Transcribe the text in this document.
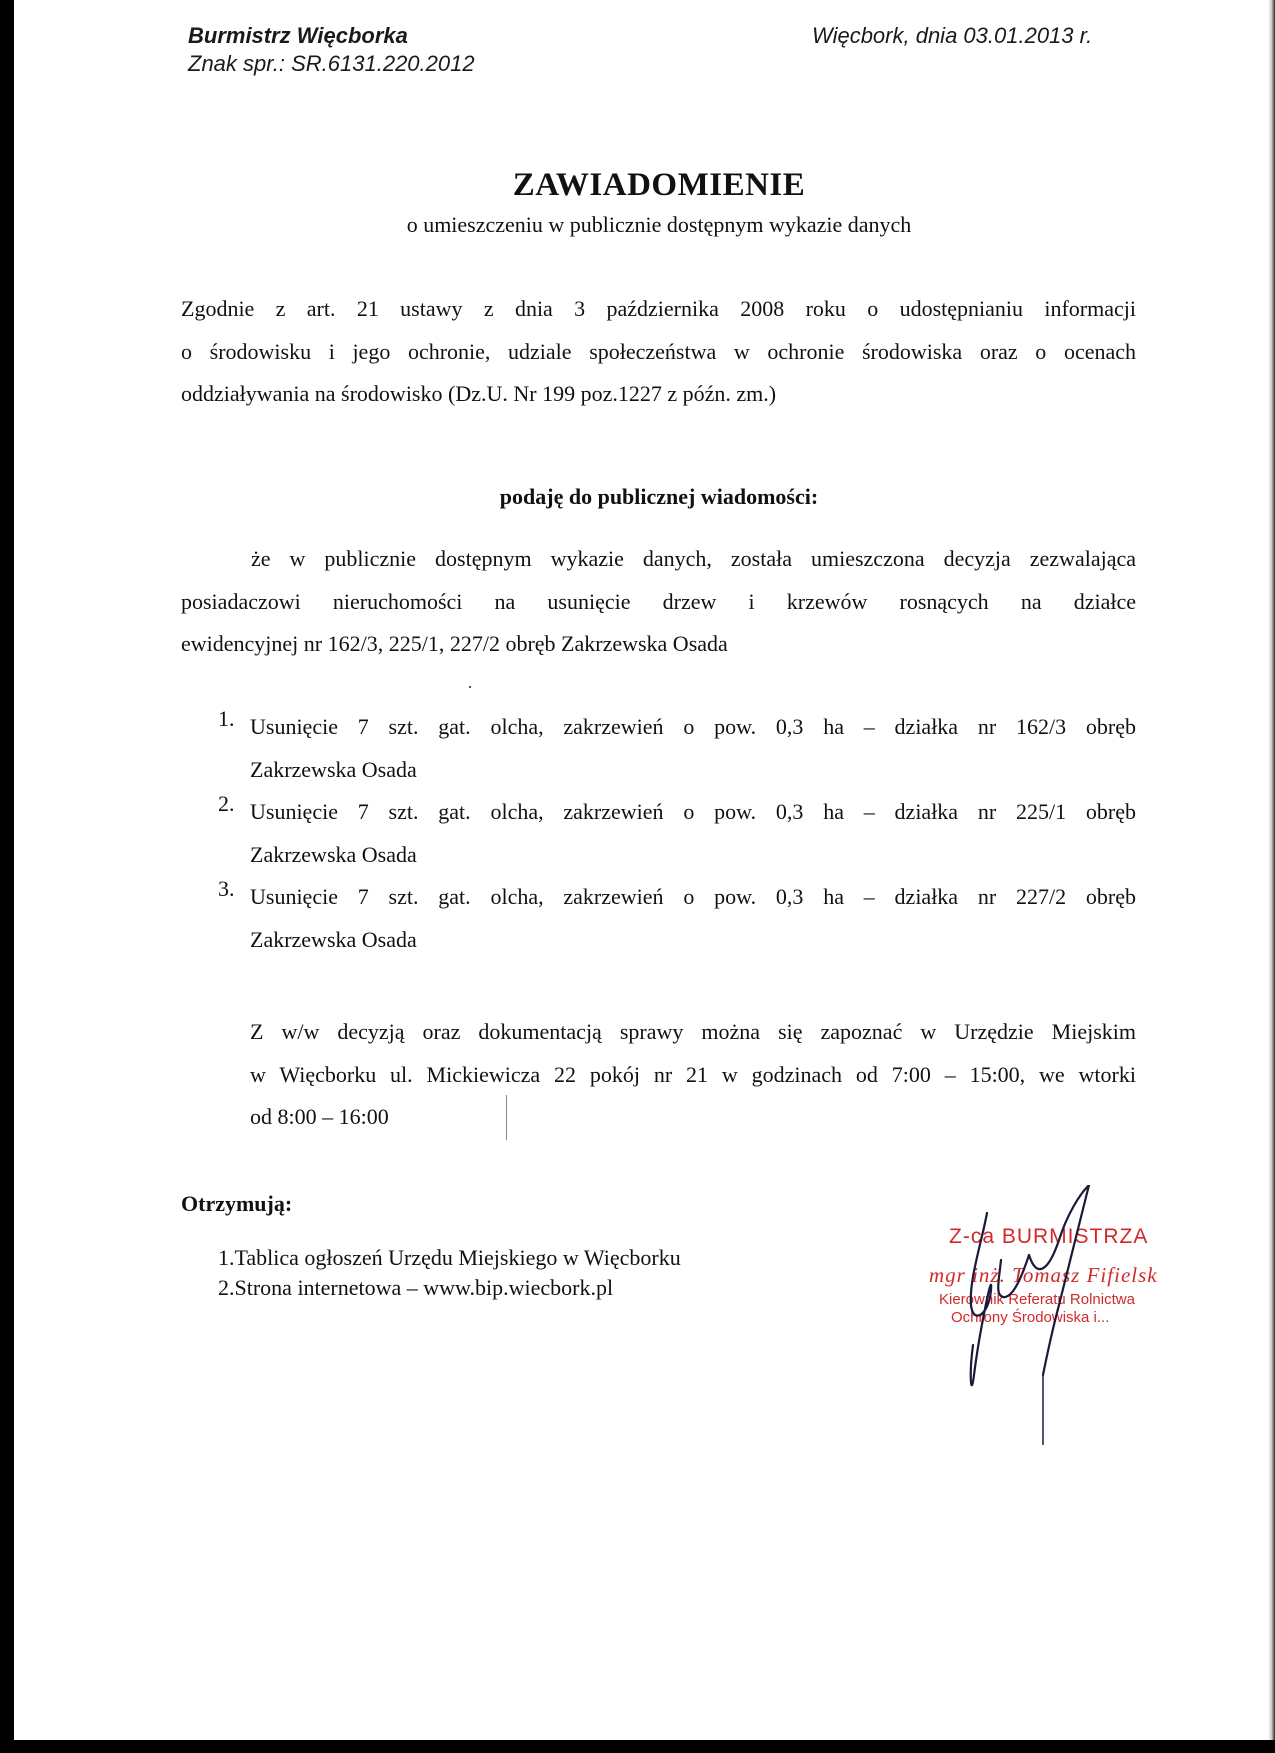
Burmistrz Więcborka
Znak spr.: SR.6131.220.2012
Więcbork, dnia 03.01.2013 r.
ZAWIADOMIENIE
o umieszczeniu w publicznie dostępnym wykazie danych
Zgodnie z art. 21 ustawy z dnia 3 października 2008 roku o udostępnianiu informacji
o środowisku i jego ochronie, udziale społeczeństwa w ochronie środowiska oraz o ocenach
oddziaływania na środowisko (Dz.U. Nr 199 poz.1227 z późn. zm.)
podaję do publicznej wiadomości:
że w publicznie dostępnym wykazie danych, została umieszczona decyzja zezwalająca
posiadaczowi nieruchomości na usunięcie drzew i krzewów rosnących na działce
ewidencyjnej nr 162/3, 225/1, 227/2 obręb Zakrzewska Osada
1. Usunięcie 7 szt. gat. olcha, zakrzewień o pow. 0,3 ha – działka nr 162/3 obręb
Zakrzewska Osada
2. Usunięcie 7 szt. gat. olcha, zakrzewień o pow. 0,3 ha – działka nr 225/1 obręb
Zakrzewska Osada
3. Usunięcie 7 szt. gat. olcha, zakrzewień o pow. 0,3 ha – działka nr 227/2 obręb
Zakrzewska Osada
Z w/w decyzją oraz dokumentacją sprawy można się zapoznać w Urzędzie Miejskim
w Więcborku ul. Mickiewicza 22 pokój nr 21 w godzinach od 7:00 – 15:00, we wtorki
od 8:00 – 16:00
Otrzymują:
1.Tablica ogłoszeń Urzędu Miejskiego w Więcborku
2.Strona internetowa – www.bip.wiecbork.pl
Z-ca BURMISTRZA
mgr inż. Tomasz Fifielsk
Kierownik Referatu Rolnictwa
Ochrony Środowiska i...
